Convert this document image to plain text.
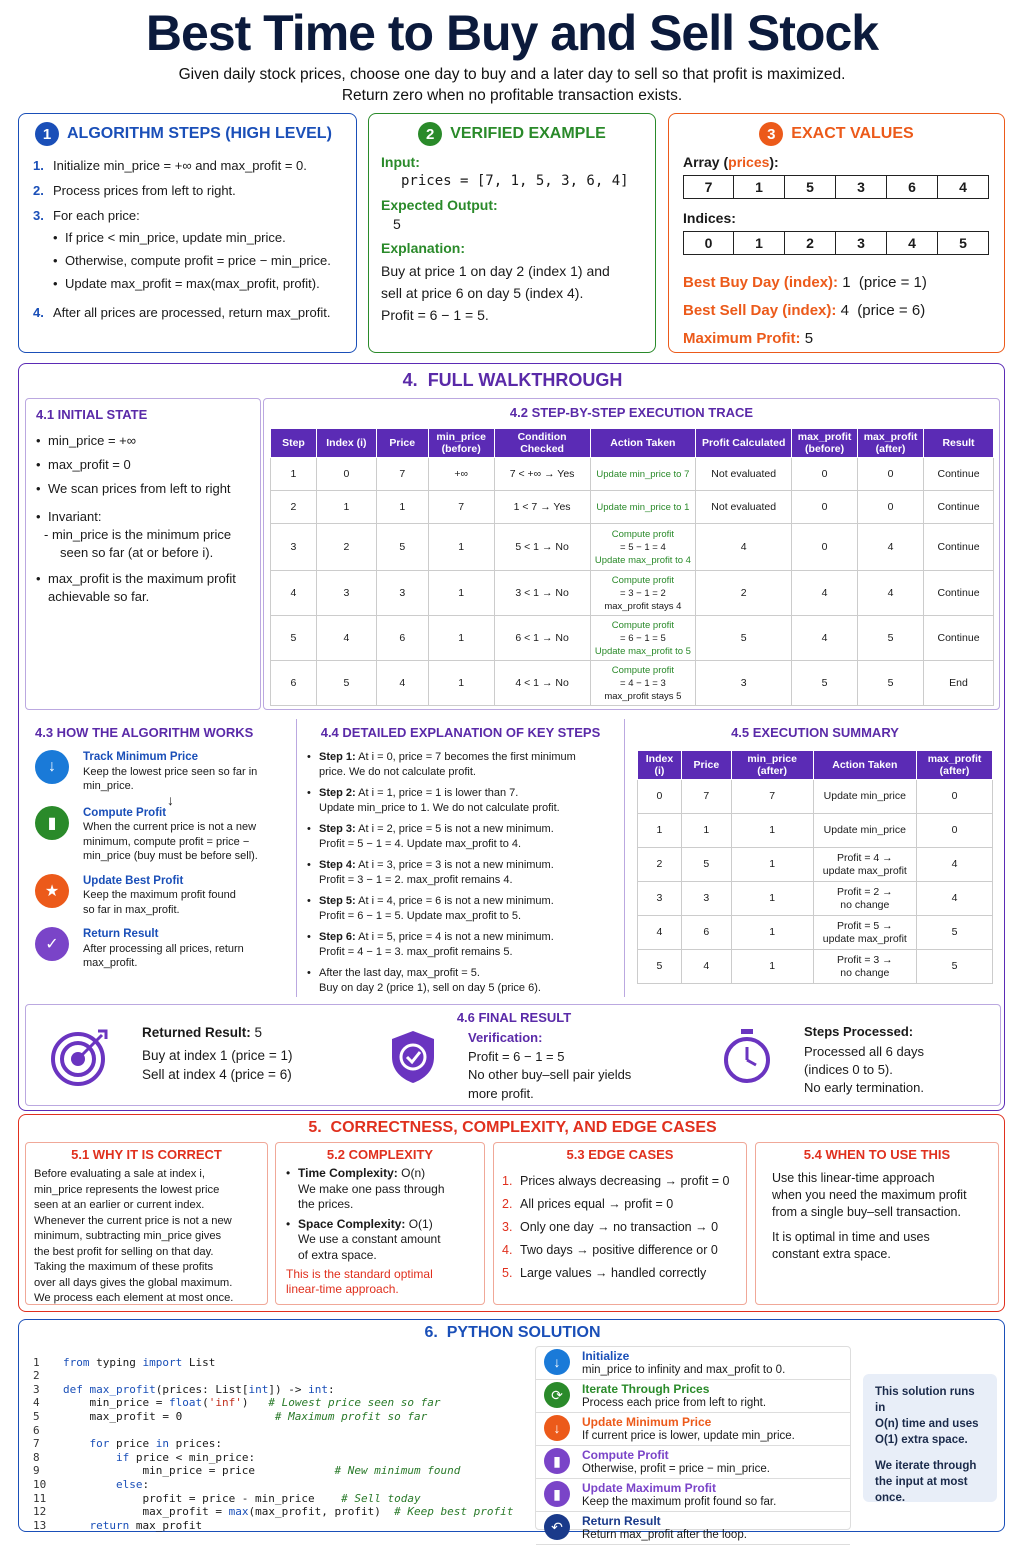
Best Time to Buy and Sell Stock
Given daily stock prices, choose one day to buy and a later day to sell so that profit is maximized.
Return zero when no profitable transaction exists.
1 ALGORITHM STEPS (HIGH LEVEL)
1. Initialize min_price = +∞ and max_profit = 0.
2. Process prices from left to right.
3. For each price:
• If price < min_price, update min_price.
• Otherwise, compute profit = price − min_price.
• Update max_profit = max(max_profit, profit).
4. After all prices are processed, return max_profit.
2 VERIFIED EXAMPLE
Input:
prices = [7, 1, 5, 3, 6, 4]
Expected Output:
5
Explanation:
Buy at price 1 on day 2 (index 1) and
sell at price 6 on day 5 (index 4).
Profit = 6 − 1 = 5.
3 EXACT VALUES
Array (prices):
7	1	5	3	6	4
Indices:
0	1	2	3	4	5
Best Buy Day (index): 1 (price = 1)
Best Sell Day (index): 4 (price = 6)
Maximum Profit: 5
4. FULL WALKTHROUGH
4.1 INITIAL STATE
• min_price = +∞
• max_profit = 0
• We scan prices from left to right
• Invariant:
- min_price is the minimum price
seen so far (at or before i).
• max_profit is the maximum profit
achievable so far.
4.2 STEP-BY-STEP EXECUTION TRACE
Step	Index (i)	Price	min_price (before)	Condition Checked	Action Taken	Profit Calculated	max_profit (before)	max_profit (after)	Result
1	0	7	+∞	7 < +∞ → Yes	Update min_price to 7	Not evaluated	0	0	Continue
2	1	1	7	1 < 7 → Yes	Update min_price to 1	Not evaluated	0	0	Continue
3	2	5	1	5 < 1 → No	Compute profit
= 5 − 1 = 4
Update max_profit to 4	4	0	4	Continue
4	3	3	1	3 < 1 → No	Compute profit
= 3 − 1 = 2
max_profit stays 4	2	4	4	Continue
5	4	6	1	6 < 1 → No	Compute profit
= 6 − 1 = 5
Update max_profit to 5	5	4	5	Continue
6	5	4	1	4 < 1 → No	Compute profit
= 4 − 1 = 3
max_profit stays 5	3	5	5	End
4.3 HOW THE ALGORITHM WORKS
↓
Track Minimum Price
Keep the lowest price seen so far in
min_price.
↓
▮
Compute Profit
When the current price is not a new
minimum, compute profit = price −
min_price (buy must be before sell).
★
Update Best Profit
Keep the maximum profit found
so far in max_profit.
✓
Return Result
After processing all prices, return
max_profit.
4.4 DETAILED EXPLANATION OF KEY STEPS
• Step 1: At i = 0, price = 7 becomes the first minimum
price. We do not calculate profit.
• Step 2: At i = 1, price = 1 is lower than 7.
Update min_price to 1. We do not calculate profit.
• Step 3: At i = 2, price = 5 is not a new minimum.
Profit = 5 − 1 = 4. Update max_profit to 4.
• Step 4: At i = 3, price = 3 is not a new minimum.
Profit = 3 − 1 = 2. max_profit remains 4.
• Step 5: At i = 4, price = 6 is not a new minimum.
Profit = 6 − 1 = 5. Update max_profit to 5.
• Step 6: At i = 5, price = 4 is not a new minimum.
Profit = 4 − 1 = 3. max_profit remains 5.
• After the last day, max_profit = 5.
Buy on day 2 (price 1), sell on day 5 (price 6).
4.5 EXECUTION SUMMARY
Index (i)	Price	min_price (after)	Action Taken	max_profit (after)
0	7	7	Update min_price	0
1	1	1	Update min_price	0
2	5	1	Profit = 4 →
update max_profit	4
3	3	1	Profit = 2 →
no change	4
4	6	1	Profit = 5 →
update max_profit	5
5	4	1	Profit = 3 →
no change	5
4.6 FINAL RESULT
Returned Result: 5
Buy at index 1 (price = 1)
Sell at index 4 (price = 6)
Verification:
Profit = 6 − 1 = 5
No other buy–sell pair yields
more profit.
Steps Processed:
Processed all 6 days
(indices 0 to 5).
No early termination.
5. CORRECTNESS, COMPLEXITY, AND EDGE CASES
5.1 WHY IT IS CORRECT
Before evaluating a sale at index i,
min_price represents the lowest price
seen at an earlier or current index.
Whenever the current price is not a new
minimum, subtracting min_price gives
the best profit for selling on that day.
Taking the maximum of these profits
over all days gives the global maximum.
We process each element at most once.
5.2 COMPLEXITY
• Time Complexity: O(n)
We make one pass through
the prices.
• Space Complexity: O(1)
We use a constant amount
of extra space.
This is the standard optimal
linear-time approach.
5.3 EDGE CASES
1. Prices always decreasing → profit = 0
2. All prices equal → profit = 0
3. Only one day → no transaction → 0
4. Two days → positive difference or 0
5. Large values → handled correctly
5.4 WHEN TO USE THIS
Use this linear-time approach
when you need the maximum profit
from a single buy–sell transaction.
It is optimal in time and uses
constant extra space.
6. PYTHON SOLUTION

1 from typing import List
2
3 def max_profit(prices: List[int]) -> int:
4    min_price = float('inf')   # Lowest price seen so far
5    max_profit = 0              # Maximum profit so far
6
7	for price in prices:
8	if price < min_price:
9            min_price = price            # New minimum found
10	else:
11            profit = price - min_price    # Sell today
12            max_profit = max(max_profit, profit)  # Keep best profit
13	return max_profit

↓	Initialize
min_price to infinity and max_profit to 0.
⟳	Iterate Through Prices
Process each price from left to right.
↓	Update Minimum Price
If current price is lower, update min_price.
▮	Compute Profit
Otherwise, profit = price − min_price.
▮	Update Maximum Profit
Keep the maximum profit found so far.
↶	Return Result
Return max_profit after the loop.
This solution runs in
O(n) time and uses
O(1) extra space.
We iterate through
the input at most
once.
